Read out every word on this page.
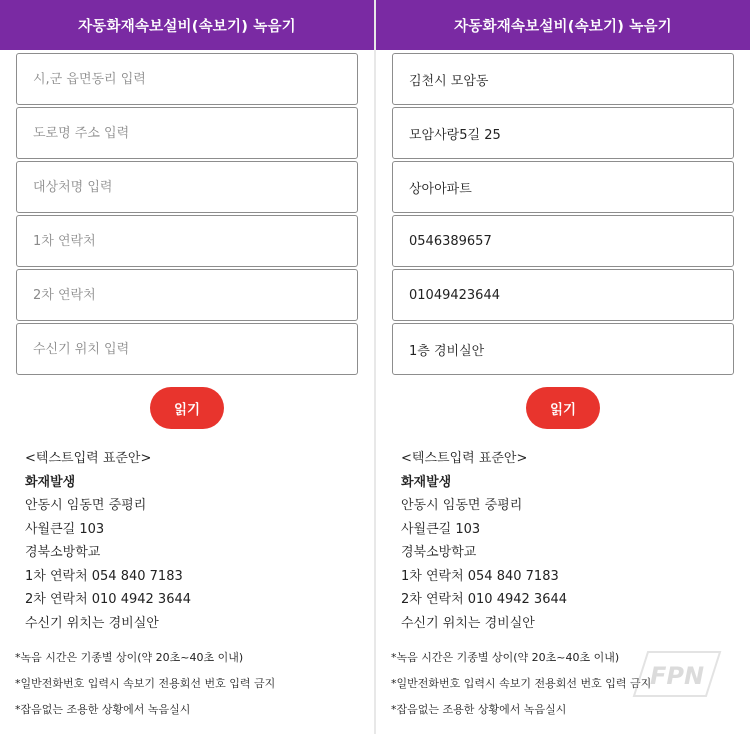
자동화재속보설비(속보기) 녹음기
시,군 읍면동리 입력
도로명 주소 입력
대상처명 입력
1차 연락처
2차 연락처
수신기 위치 입력
읽기
<텍스트입력 표준안>
화재발생
안동시 임동면 중평리
사월큰길 103
경북소방학교
1차 연락처 054 840 7183
2차 연락처 010 4942 3644
수신기 위치는 경비실안
*녹음 시간은 기종별 상이(약 20초~40초 이내)
*일반전화번호 입력시 속보기 전용회선 번호 입력 금지
*잡음없는 조용한 상황에서 녹음실시
자동화재속보설비(속보기) 녹음기
김천시 모암동
모암사랑5길 25
상아아파트
0546389657
01049423644
1층 경비실안
읽기
<텍스트입력 표준안>
화재발생
안동시 임동면 중평리
사월큰길 103
경북소방학교
1차 연락처 054 840 7183
2차 연락처 010 4942 3644
수신기 위치는 경비실안
*녹음 시간은 기종별 상이(약 20초~40초 이내)
*일반전화번호 입력시 속보기 전용회선 번호 입력 금지
*잡음없는 조용한 상황에서 녹음실시
FPN
